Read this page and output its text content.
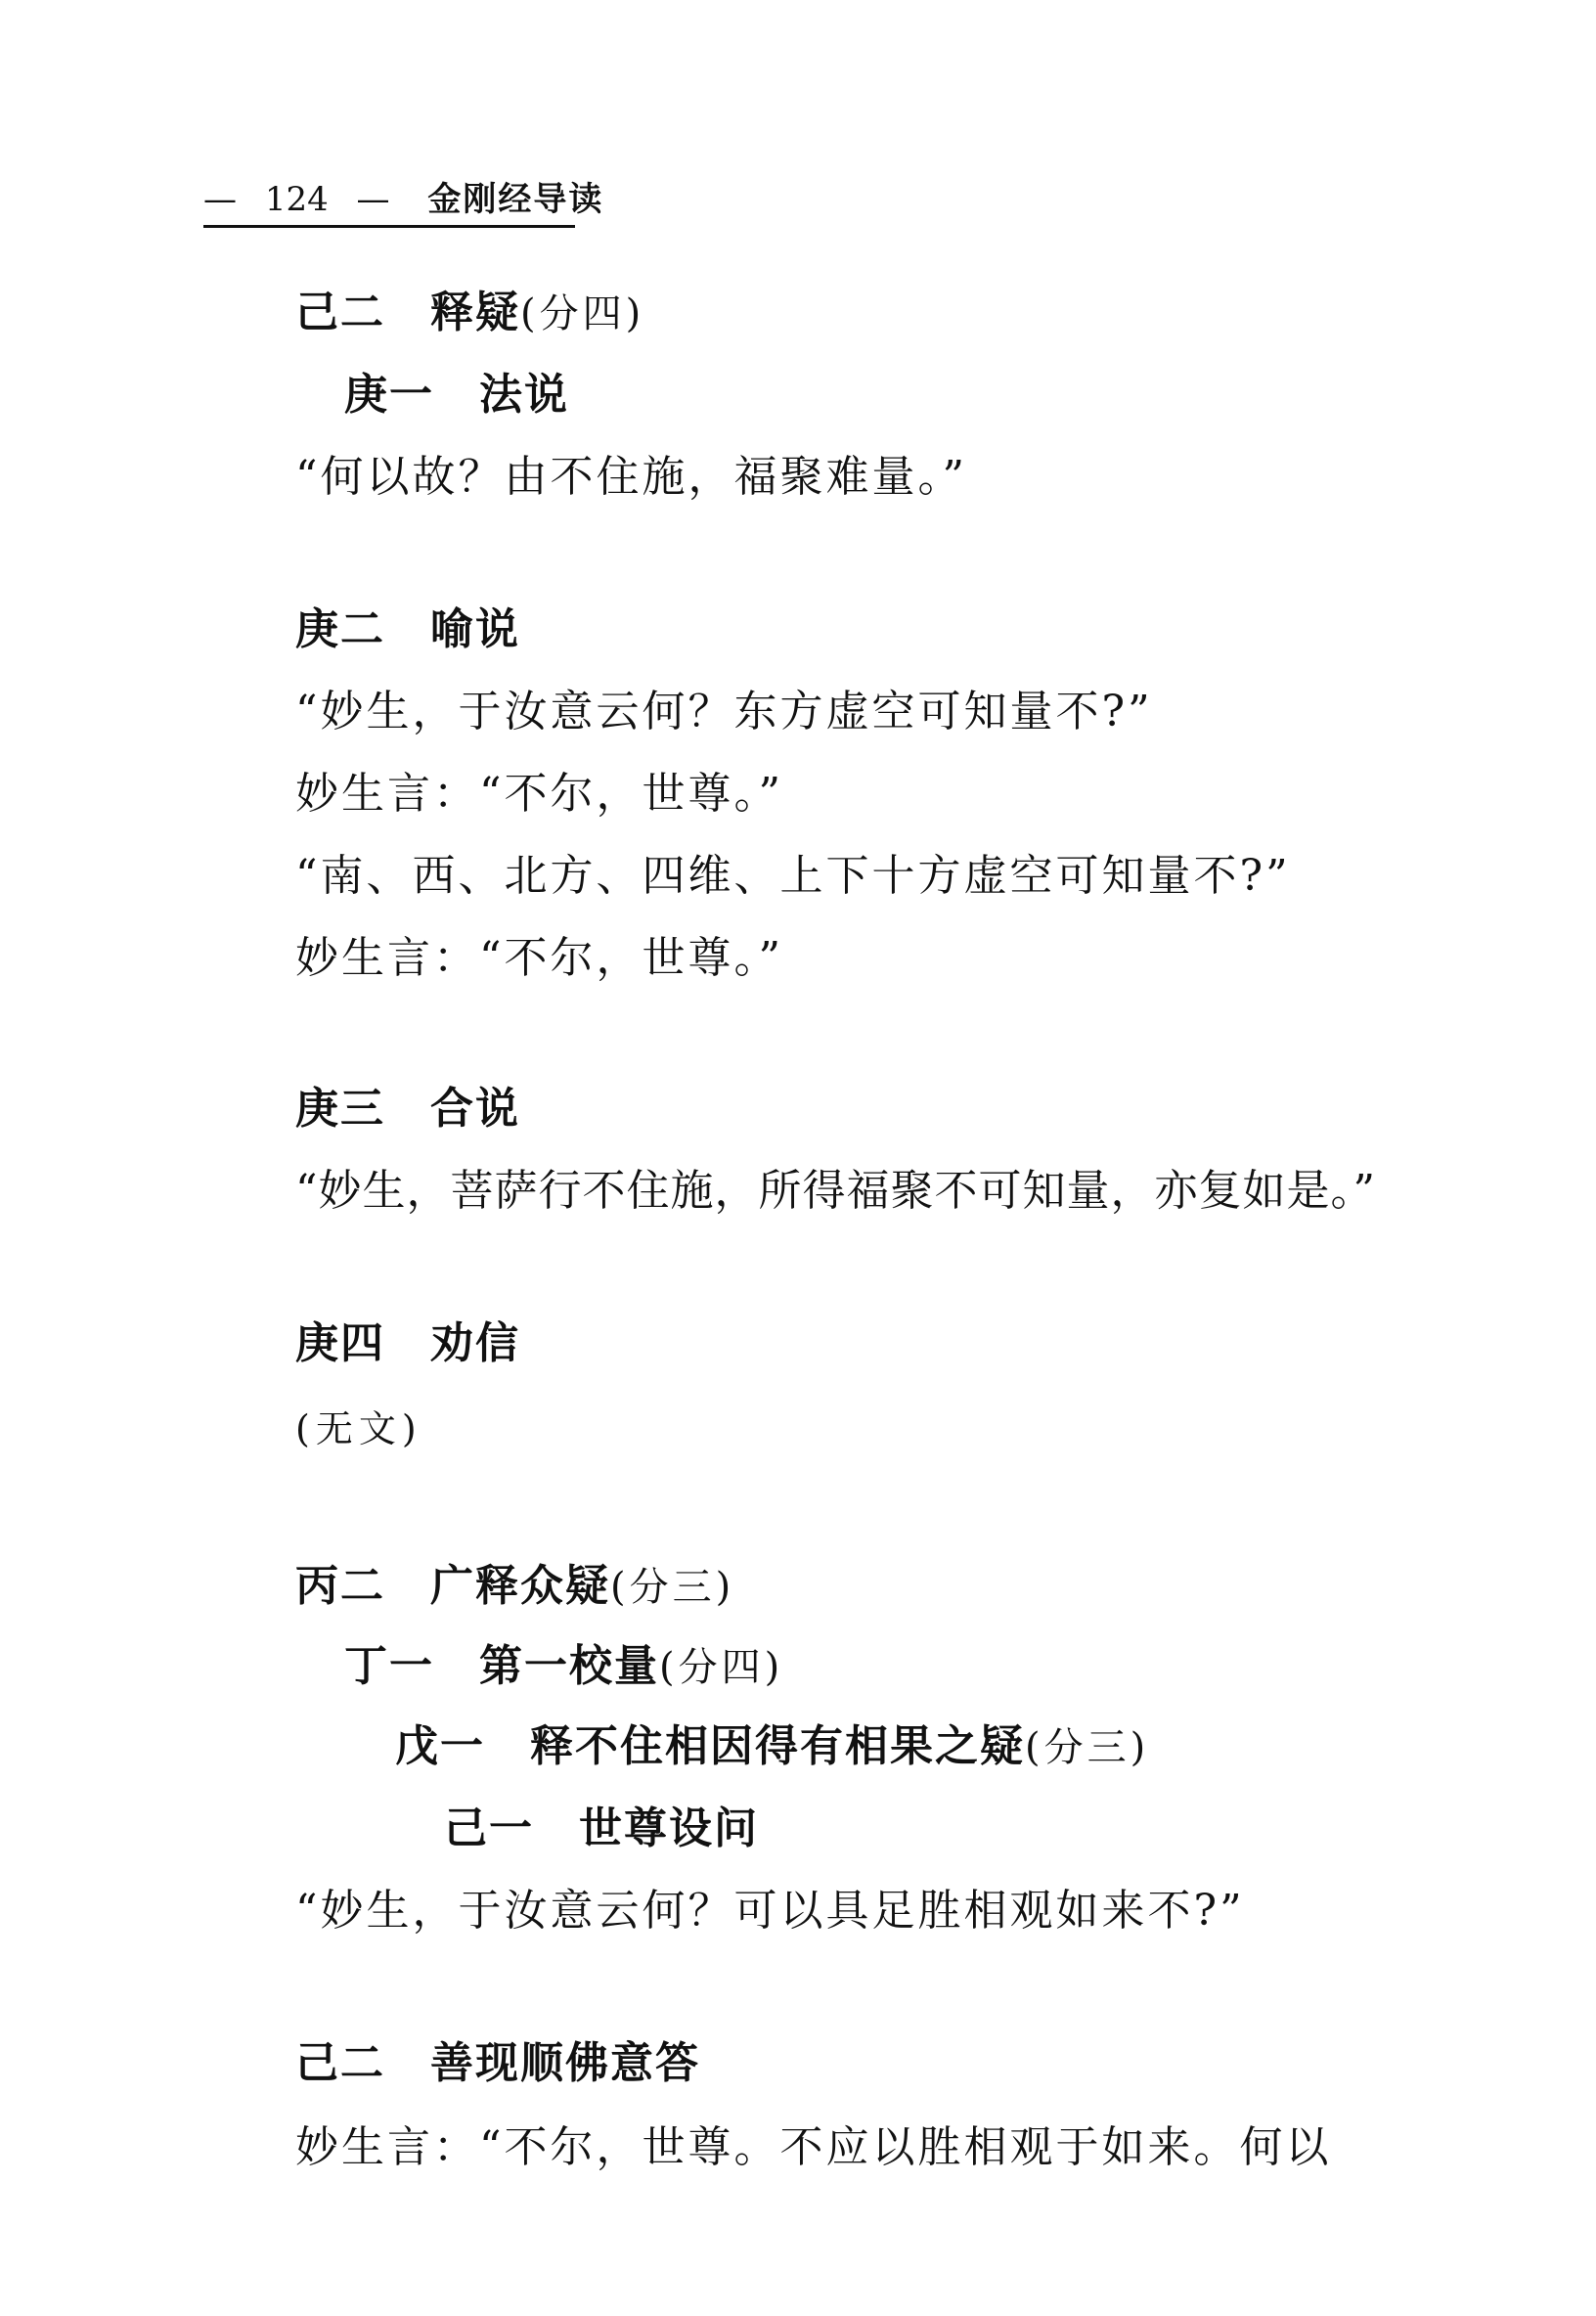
— 124 — 金刚经导读
己二 释疑(分四)
庚一 法说
“何以故？由不住施，福聚难量。”
庚二 喻说
“妙生，于汝意云何？东方虚空可知量不?”
妙生言：“不尔，世尊。”
“南、西、北方、四维、上下十方虚空可知量不?”
妙生言：“不尔，世尊。”
庚三 合说
“妙生，菩萨行不住施，所得福聚不可知量，亦复如是。”
庚四 劝信
(无文)
丙二 广释众疑(分三)
丁一 第一校量(分四)
戊一 释不住相因得有相果之疑(分三)
己一 世尊设问
“妙生，于汝意云何？可以具足胜相观如来不?”
己二 善现顺佛意答
妙生言：“不尔，世尊。不应以胜相观于如来。何以
